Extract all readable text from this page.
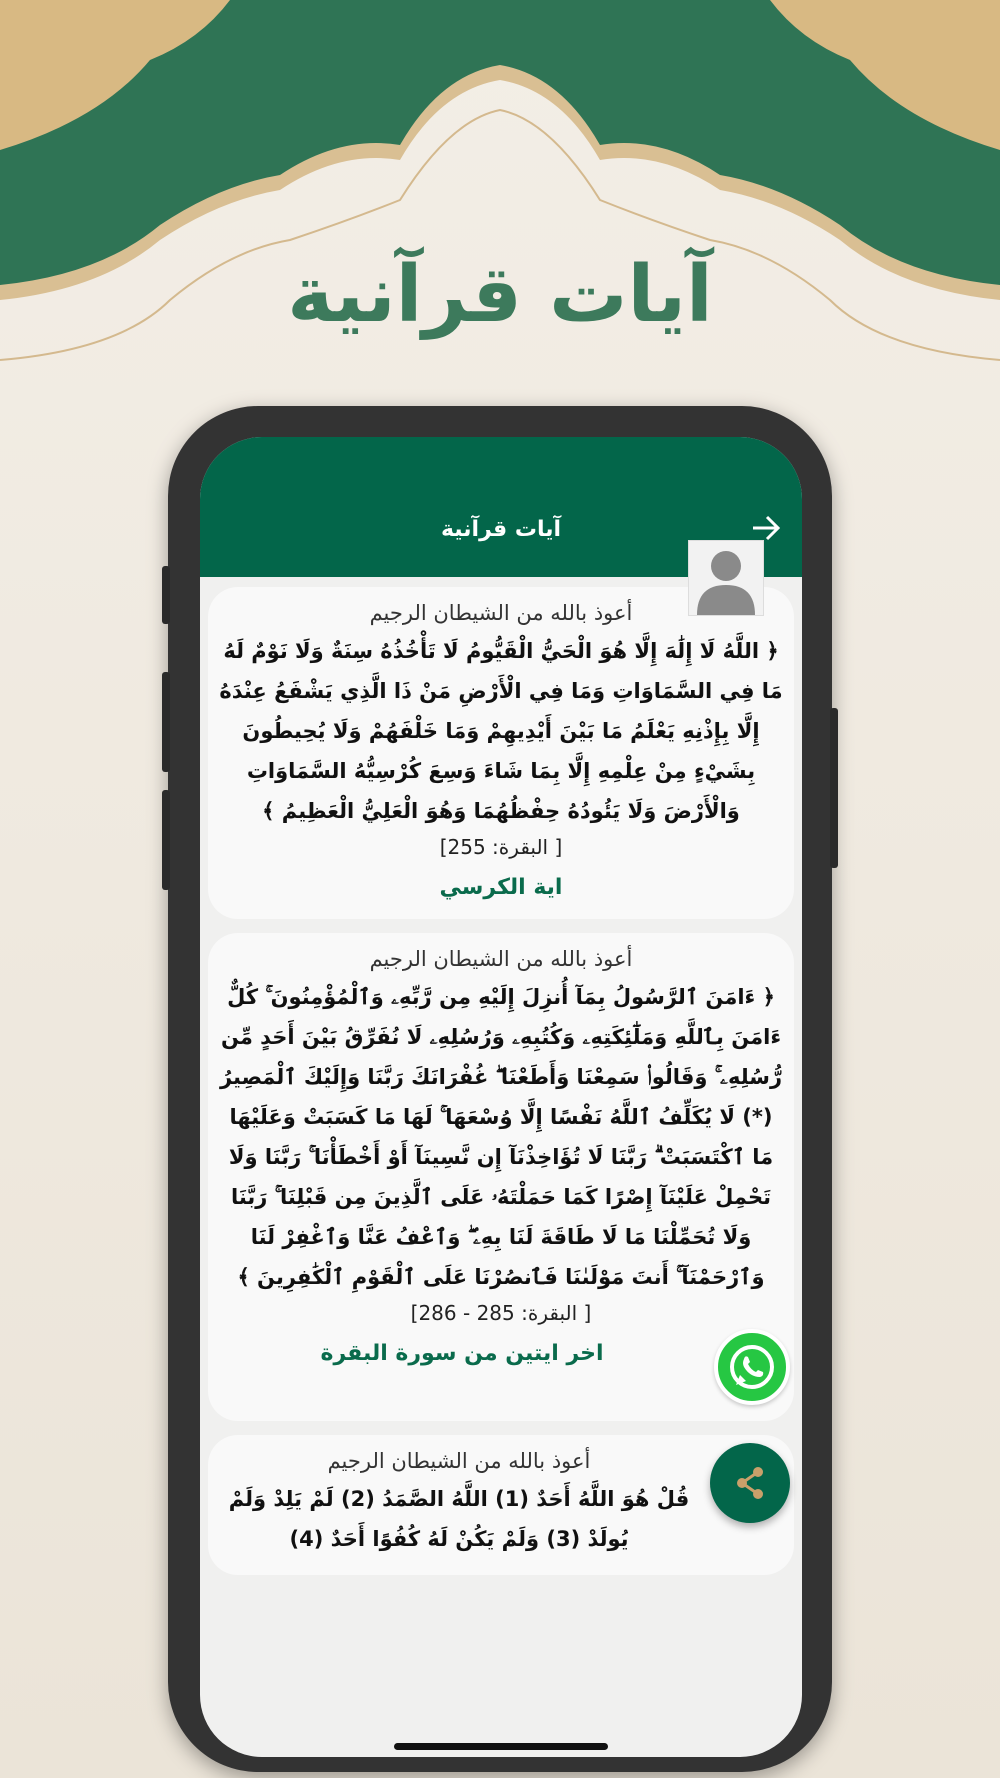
آيات قرآنية
آيات قرآنية
أعوذ بالله من الشيطان الرجيم
﴿ اللَّهُ لَا إِلَٰهَ إِلَّا هُوَ الْحَيُّ الْقَيُّومُ لَا تَأْخُذُهُ سِنَةٌ وَلَا نَوْمٌ لَهُ مَا فِي السَّمَاوَاتِ وَمَا فِي الْأَرْضِ مَنْ ذَا الَّذِي يَشْفَعُ عِنْدَهُ إِلَّا بِإِذْنِهِ يَعْلَمُ مَا بَيْنَ أَيْدِيهِمْ وَمَا خَلْفَهُمْ وَلَا يُحِيطُونَ بِشَيْءٍ مِنْ عِلْمِهِ إِلَّا بِمَا شَاءَ وَسِعَ كُرْسِيُّهُ السَّمَاوَاتِ وَالْأَرْضَ وَلَا يَئُودُهُ حِفْظُهُمَا وَهُوَ الْعَلِيُّ الْعَظِيمُ ﴾
[ البقرة: 255]
اية الكرسي
أعوذ بالله من الشيطان الرجيم
﴿ ءَامَنَ ٱلرَّسُولُ بِمَآ أُنزِلَ إِلَيْهِ مِن رَّبِّهِۦ وَٱلْمُؤْمِنُونَ ۚ كُلٌّ ءَامَنَ بِٱللَّهِ وَمَلَٰٓئِكَتِهِۦ وَكُتُبِهِۦ وَرُسُلِهِۦ لَا نُفَرِّقُ بَيْنَ أَحَدٍ مِّن رُّسُلِهِۦ ۚ وَقَالُوا۟ سَمِعْنَا وَأَطَعْنَا ۖ غُفْرَانَكَ رَبَّنَا وَإِلَيْكَ ٱلْمَصِيرُ (*) لَا يُكَلِّفُ ٱللَّهُ نَفْسًا إِلَّا وُسْعَهَا ۚ لَهَا مَا كَسَبَتْ وَعَلَيْهَا مَا ٱكْتَسَبَتْ ۗ رَبَّنَا لَا تُؤَاخِذْنَآ إِن نَّسِينَآ أَوْ أَخْطَأْنَا ۚ رَبَّنَا وَلَا تَحْمِلْ عَلَيْنَآ إِصْرًا كَمَا حَمَلْتَهُۥ عَلَى ٱلَّذِينَ مِن قَبْلِنَا ۚ رَبَّنَا وَلَا تُحَمِّلْنَا مَا لَا طَاقَةَ لَنَا بِهِۦ ۖ وَٱعْفُ عَنَّا وَٱغْفِرْ لَنَا وَٱرْحَمْنَآ ۚ أَنتَ مَوْلَىٰنَا فَٱنصُرْنَا عَلَى ٱلْقَوْمِ ٱلْكَٰفِرِينَ ﴾
[ البقرة: 285 - 286]
اخر ايتين من سورة البقرة
أعوذ بالله من الشيطان الرجيم
قُلْ هُوَ اللَّهُ أَحَدٌ (1) اللَّهُ الصَّمَدُ (2) لَمْ يَلِدْ وَلَمْ يُولَدْ (3) وَلَمْ يَكُنْ لَهُ كُفُوًا أَحَدٌ (4)
